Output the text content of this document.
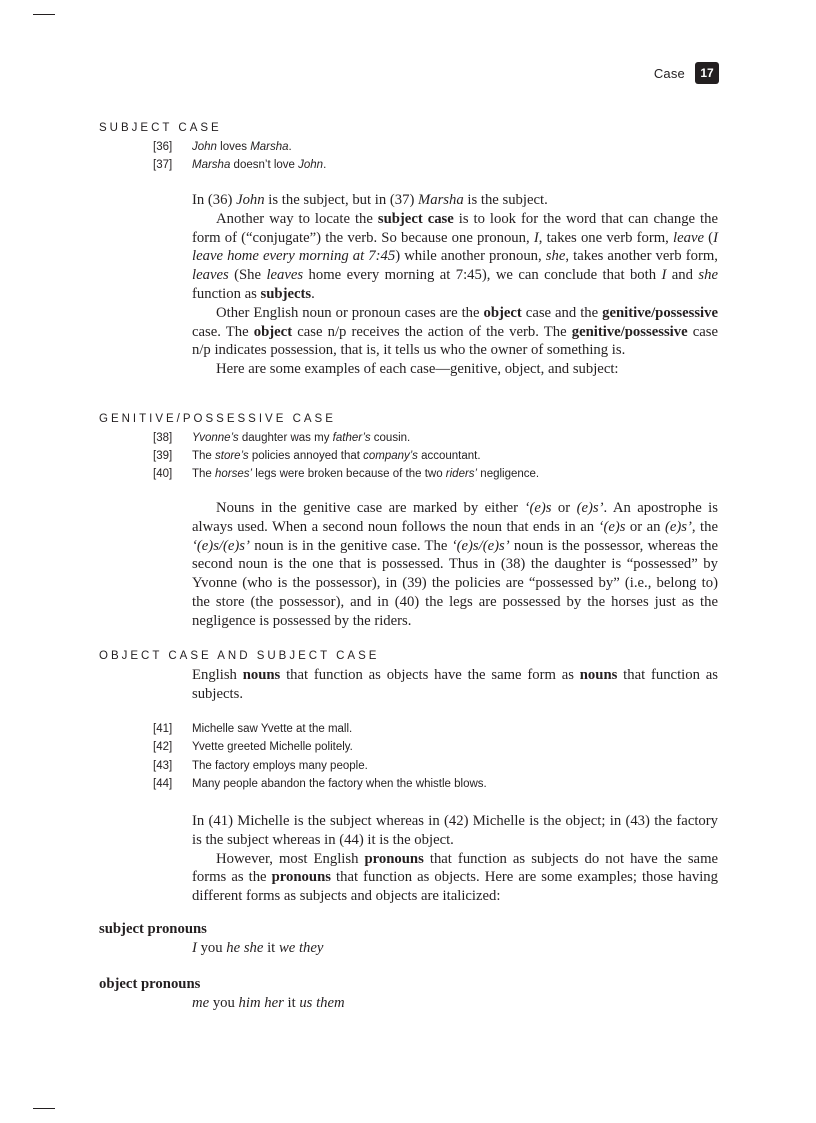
Case	17
SUBJECT CASE
[36] John loves Marsha.
[37] Marsha doesn’t love John.

In (36) John is the subject, but in (37) Marsha is the subject.

Another way to locate the subject case is to look for the word that can change the form of (“conjugate”) the verb. So because one pronoun, I, takes one verb form, leave (I leave home every morning at 7:45) while another pronoun, she, takes another verb form, leaves (She leaves home every morning at 7:45), we can conclude that both I and she function as subjects.

Other English noun or pronoun cases are the object case and the genitive/possessive case. The object case n/p receives the action of the verb. The genitive/possessive case n/p indicates possession, that is, it tells us who the owner of something is.

Here are some examples of each case—genitive, object, and subject:

GENITIVE/POSSESSIVE CASE
[38] Yvonne’s daughter was my father’s cousin.
[39] The store’s policies annoyed that company’s accountant.
[40] The horses’ legs were broken because of the two riders’ negligence.

Nouns in the genitive case are marked by either ‘(e)s or (e)s’. An apostrophe is always used. When a second noun follows the noun that ends in an ‘(e)s or an (e)s’, the ‘(e)s/(e)s’ noun is in the genitive case. The ‘(e)s/(e)s’ noun is the possessor, whereas the second noun is the one that is possessed. Thus in (38) the daughter is “possessed” by Yvonne (who is the possessor), in (39) the policies are “possessed by” (i.e., belong to) the store (the possessor), and in (40) the legs are possessed by the horses just as the negligence is possessed by the riders.

OBJECT CASE AND SUBJECT CASE

English nouns that function as objects have the same form as nouns that function as subjects.

[41] Michelle saw Yvette at the mall.
[42] Yvette greeted Michelle politely.
[43] The factory employs many people.
[44] Many people abandon the factory when the whistle blows.

In (41) Michelle is the subject whereas in (42) Michelle is the object; in (43) the factory is the subject whereas in (44) it is the object.

However, most English pronouns that function as subjects do not have the same forms as the pronouns that function as objects. Here are some examples; those having different forms as subjects and objects are italicized:

subject pronouns
I you he she it we they
object pronouns
me you him her it us them
